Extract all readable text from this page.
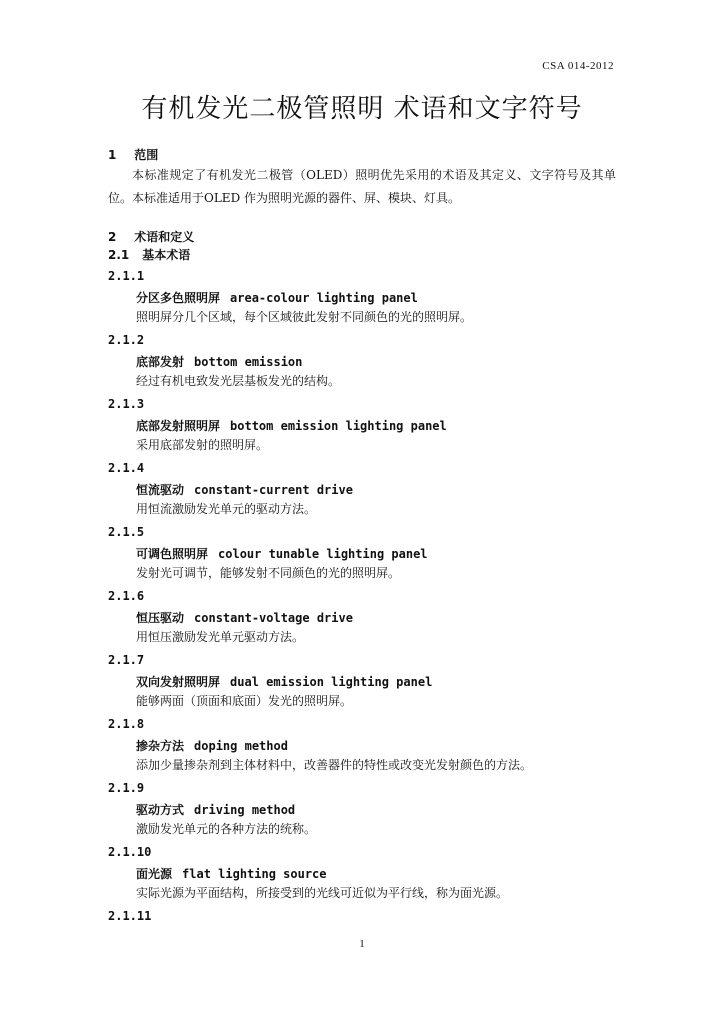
CSA 014-2012
有机发光二极管照明 术语和文字符号

1 范围

本标准规定了有机发光二极管（OLED）照明优先采用的术语及其定义、文字符号及其单位。本标准适用于OLED 作为照明光源的器件、屏、模块、灯具。

2 术语和定义

2.1 基本术语

2.1.1

分区多色照明屏 area-colour lighting panel

照明屏分几个区域，每个区域彼此发射不同颜色的光的照明屏。

2.1.2

底部发射 bottom emission

经过有机电致发光层基板发光的结构。

2.1.3

底部发射照明屏 bottom emission lighting panel

采用底部发射的照明屏。

2.1.4

恒流驱动 constant-current drive

用恒流激励发光单元的驱动方法。

2.1.5

可调色照明屏 colour tunable lighting panel

发射光可调节，能够发射不同颜色的光的照明屏。

2.1.6

恒压驱动 constant-voltage drive

用恒压激励发光单元驱动方法。

2.1.7

双向发射照明屏 dual emission lighting panel

能够两面（顶面和底面）发光的照明屏。

2.1.8

掺杂方法 doping method

添加少量掺杂剂到主体材料中，改善器件的特性或改变光发射颜色的方法。

2.1.9

驱动方式 driving method

激励发光单元的各种方法的统称。

2.1.10

面光源 flat lighting source

实际光源为平面结构，所接受到的光线可近似为平行线，称为面光源。

2.1.11

1
